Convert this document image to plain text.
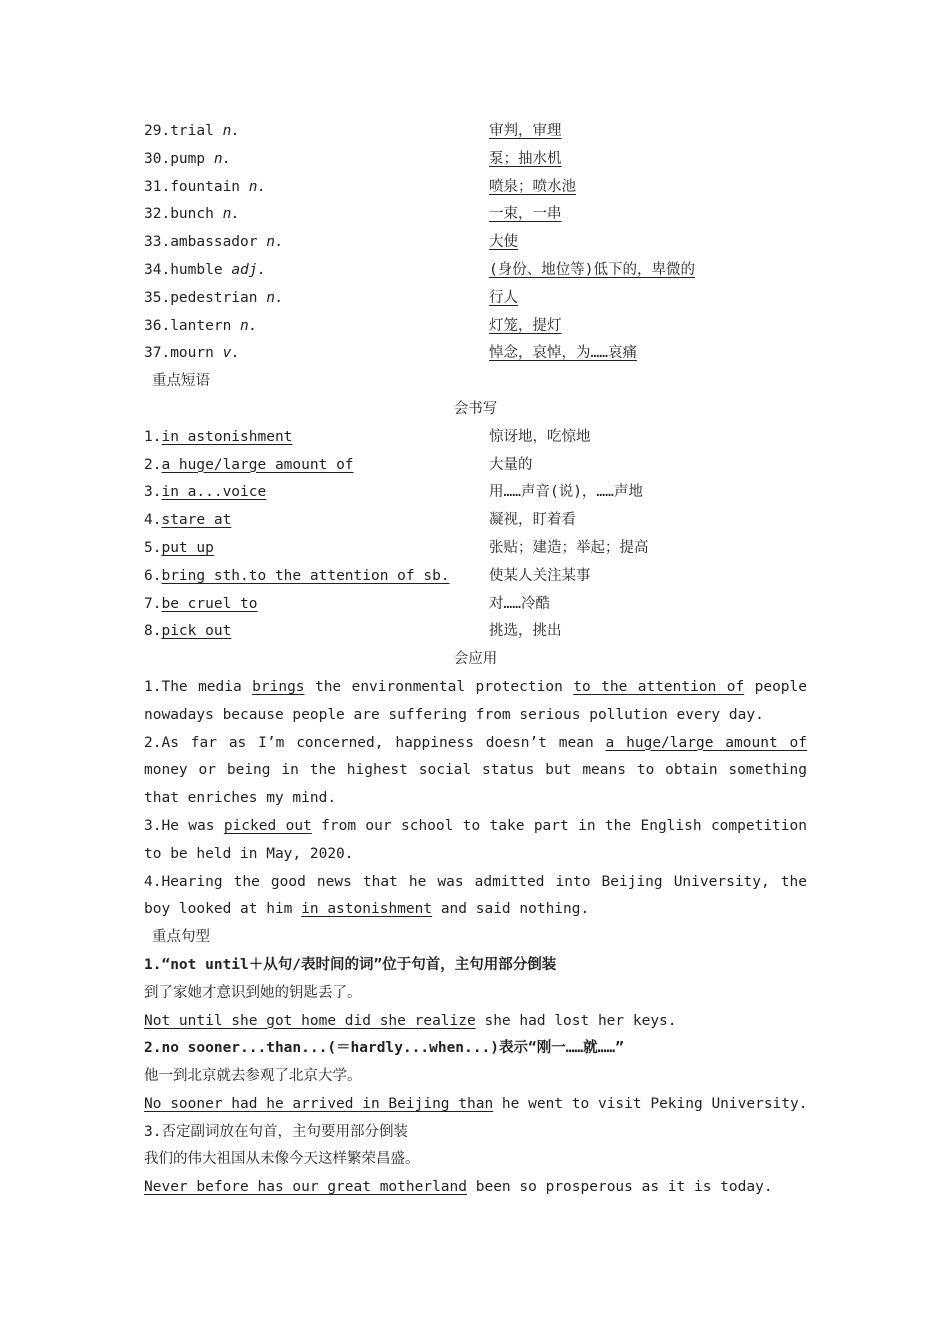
29.trial n.	审判，审理
30.pump n.	泵；抽水机
31.fountain n.	喷泉；喷水池
32.bunch n.	一束，一串
33.ambassador n.	大使
34.humble adj.	(身份、地位等)低下的，卑微的
35.pedestrian n.	行人
36.lantern n.	灯笼，提灯
37.mourn v.	悼念，哀悼，为……哀痛
重点短语
会书写
1.in astonishment	惊讶地，吃惊地
2.a huge/large amount of	大量的
3.in a...voice	用……声音(说)，……声地
4.stare at	凝视，盯着看
5.put up	张贴；建造；举起；提高
6.bring sth.to the attention of sb.	使某人关注某事
7.be cruel to	对……冷酷
8.pick out	挑选，挑出
会应用
1.The media brings the environmental protection to the attention of people nowadays because people are suffering from serious pollution every day.
2.As far as I’m concerned, happiness doesn’t mean a huge/large amount of money or being in the highest social status but means to obtain something that enriches my mind.
3.He was picked out from our school to take part in the English competition to be held in May, 2020.
4.Hearing the good news that he was admitted into Beijing University, the boy looked at him in astonishment and said nothing.
重点句型
1.“not until＋从句/表时间的词”位于句首，主句用部分倒装
到了家她才意识到她的钥匙丢了。
Not until she got home did she realize she had lost her keys.
2.no sooner...than...(＝hardly...when...)表示“刚一……就……”
他一到北京就去参观了北京大学。
No sooner had he arrived in Beijing than he went to visit Peking University.
3.否定副词放在句首，主句要用部分倒装
我们的伟大祖国从未像今天这样繁荣昌盛。
Never before has our great motherland been so prosperous as it is today.
